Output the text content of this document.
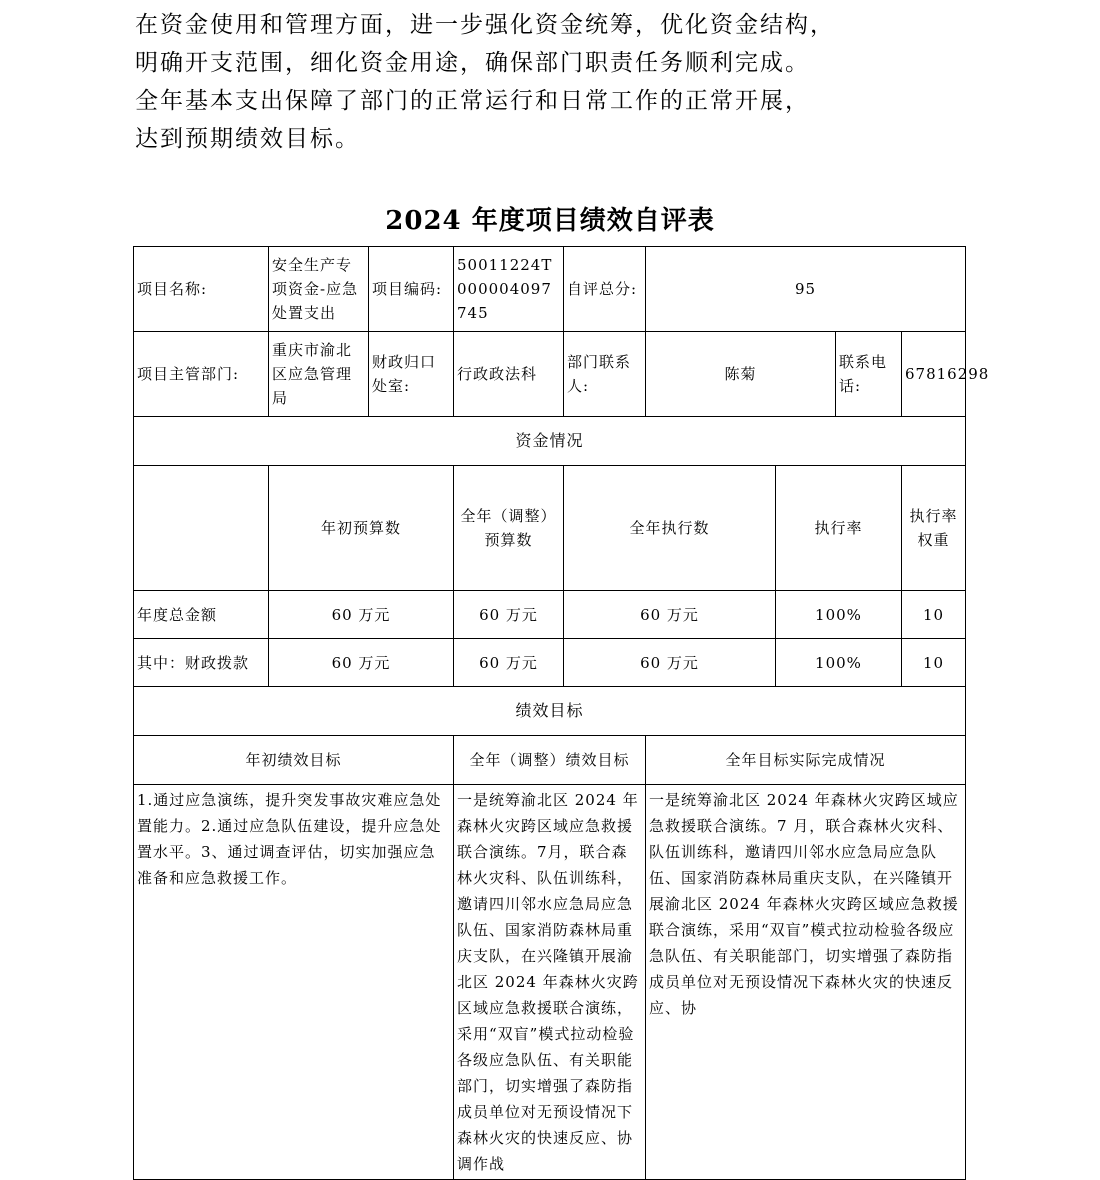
在资金使用和管理方面，进一步强化资金统筹，优化资金结构，
明确开支范围，细化资金用途，确保部门职责任务顺利完成。
全年基本支出保障了部门的正常运行和日常工作的正常开展，
达到预期绩效目标。
2024 年度项目绩效自评表
项目名称:	安全生产专项资金-应急处置支出	项目编码:	50011224T000004097745	自评总分:	95				
项目主管部门:	重庆市渝北区应急管理局	财政归口处室:	行政政法科	部门联系人:	陈菊		联系电话:	67816298	
资金情况									
	年初预算数		全年（调整）预算数	全年执行数		执行率		执行率权重	
年度总金额	60 万元		60 万元	60 万元		100%		10	
其中：财政拨款	60 万元		60 万元	60 万元		100%		10	
绩效目标									
年初绩效目标			全年（调整）绩效目标		全年目标实际完成情况				
1.通过应急演练，提升突发事故灾难应急处置能力。2.通过应急队伍建设，提升应急处置水平。3、通过调查评估，切实加强应急准备和应急救援工作。			一是统筹渝北区 2024 年森林火灾跨区域应急救援联合演练。7月，联合森林火灾科、队伍训练科，邀请四川邻水应急局应急队伍、国家消防森林局重庆支队，在兴隆镇开展渝北区 2024 年森林火灾跨区域应急救援联合演练，采用“双盲”模式拉动检验各级应急队伍、有关职能部门，切实增强了森防指成员单位对无预设情况下森林火灾的快速反应、协调作战		一是统筹渝北区 2024 年森林火灾跨区域应急救援联合演练。7 月，联合森林火灾科、队伍训练科，邀请四川邻水应急局应急队伍、国家消防森林局重庆支队，在兴隆镇开展渝北区 2024 年森林火灾跨区域应急救援联合演练，采用“双盲”模式拉动检验各级应急队伍、有关职能部门，切实增强了森防指成员单位对无预设情况下森林火灾的快速反应、协				
